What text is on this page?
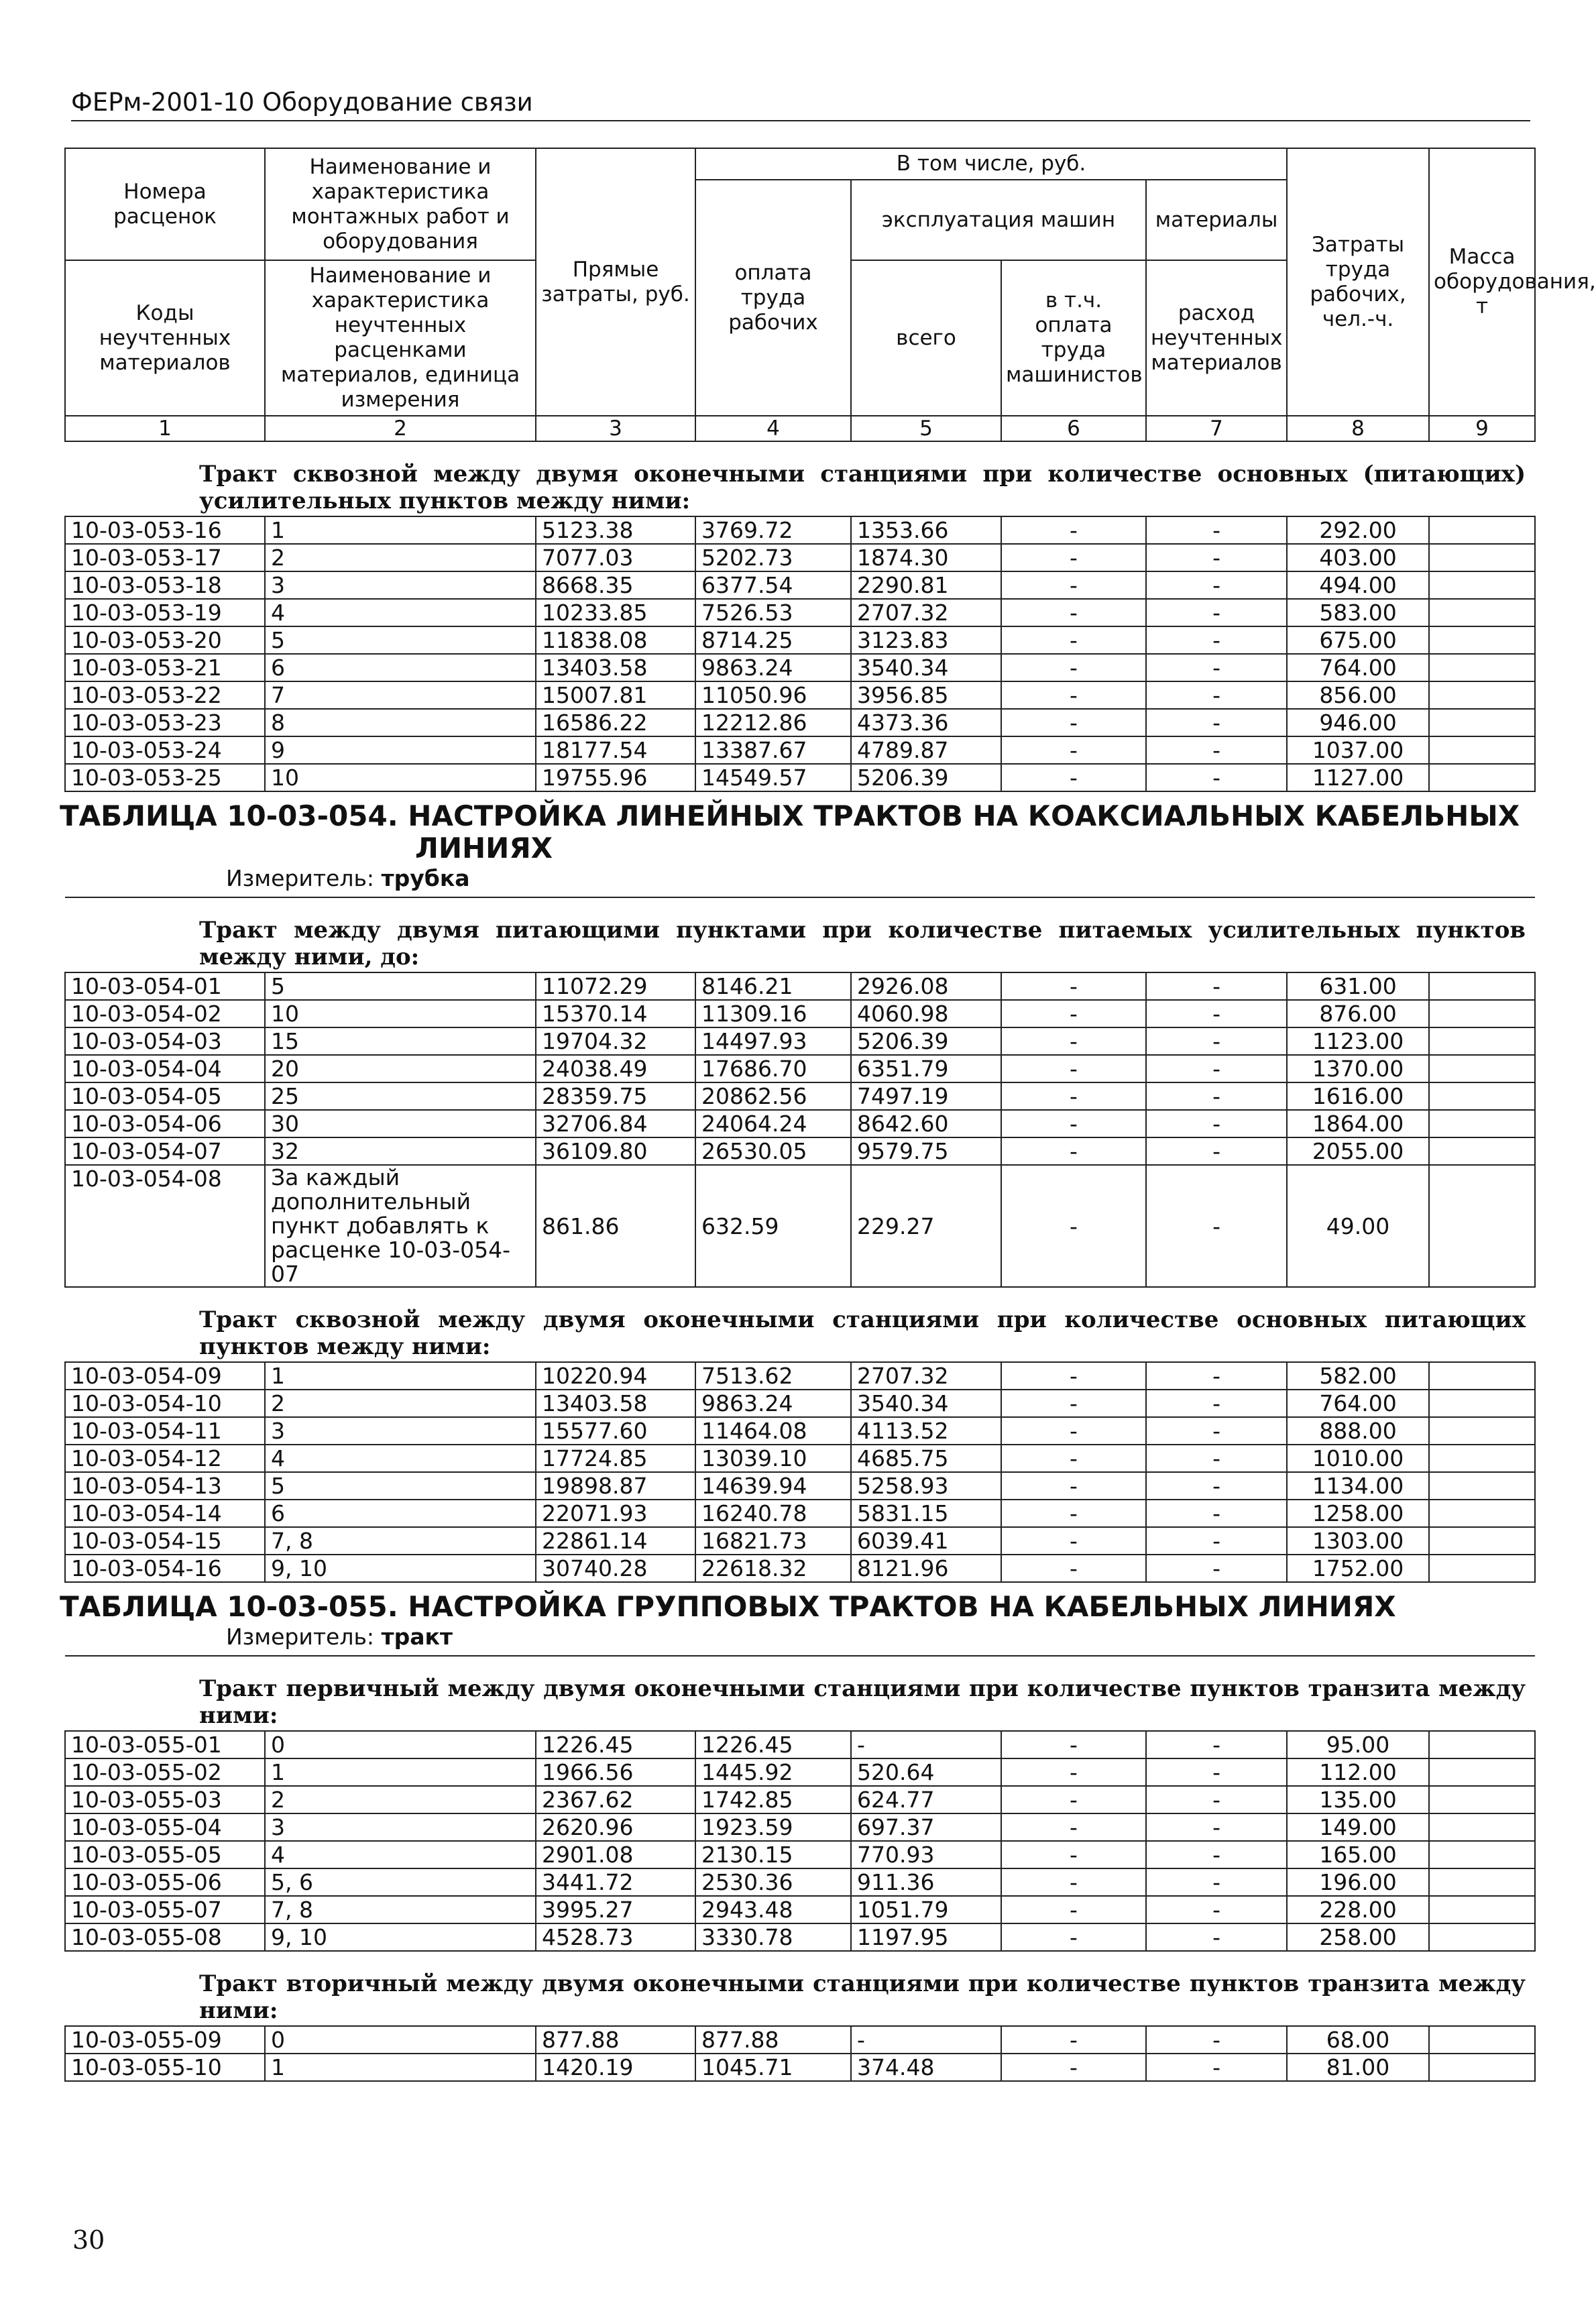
ФЕРм-2001-10 Оборудование связи
Номера расценок	Наименование и характеристика монтажных работ и оборудования	Прямые затраты, руб.	В том числе, руб.				Затраты труда рабочих, чел.-ч.	Масса оборудования, т
			оплата труда рабочих	эксплуатация машин		материалы		

Коды неучтенных материалов	Наименование и характеристика неучтенных расценками материалов, единица измерения			всего	в т.ч. оплата труда машинистов	расход неучтенных материалов		

1	2	3	4	5	6	7	8	9
Тракт сквозной между двумя оконечными станциями при количестве основных (питающих) усилительных пунктов между ними:								
10-03-053-16	1	5123.38	3769.72	1353.66	-	-	292.00	
10-03-053-17	2	7077.03	5202.73	1874.30	-	-	403.00	
10-03-053-18	3	8668.35	6377.54	2290.81	-	-	494.00	
10-03-053-19	4	10233.85	7526.53	2707.32	-	-	583.00	
10-03-053-20	5	11838.08	8714.25	3123.83	-	-	675.00	
10-03-053-21	6	13403.58	9863.24	3540.34	-	-	764.00	
10-03-053-22	7	15007.81	11050.96	3956.85	-	-	856.00	
10-03-053-23	8	16586.22	12212.86	4373.36	-	-	946.00	
10-03-053-24	9	18177.54	13387.67	4789.87	-	-	1037.00	
10-03-053-25	10	19755.96	14549.57	5206.39	-	-	1127.00	

ТАБЛИЦА 10-03-054. НАСТРОЙКА ЛИНЕЙНЫХ ТРАКТОВ НА КОАКСИАЛЬНЫХ КАБЕЛЬНЫХ
ЛИНИЯХ
Измеритель: трубка								

Тракт между двумя питающими пунктами при количестве питаемых усилительных пунктов между ними, до:								
10-03-054-01	5	11072.29	8146.21	2926.08	-	-	631.00	
10-03-054-02	10	15370.14	11309.16	4060.98	-	-	876.00	
10-03-054-03	15	19704.32	14497.93	5206.39	-	-	1123.00	
10-03-054-04	20	24038.49	17686.70	6351.79	-	-	1370.00	
10-03-054-05	25	28359.75	20862.56	7497.19	-	-	1616.00	
10-03-054-06	30	32706.84	24064.24	8642.60	-	-	1864.00	
10-03-054-07	32	36109.80	26530.05	9579.75	-	-	2055.00	
10-03-054-08	За каждый дополнительный пункт добавлять к расценке 10-03-054-07	861.86	632.59	229.27	-	-	49.00	
Тракт сквозной между двумя оконечными станциями при количестве основных питающих пунктов между ними:								
10-03-054-09	1	10220.94	7513.62	2707.32	-	-	582.00	
10-03-054-10	2	13403.58	9863.24	3540.34	-	-	764.00	
10-03-054-11	3	15577.60	11464.08	4113.52	-	-	888.00	
10-03-054-12	4	17724.85	13039.10	4685.75	-	-	1010.00	
10-03-054-13	5	19898.87	14639.94	5258.93	-	-	1134.00	
10-03-054-14	6	22071.93	16240.78	5831.15	-	-	1258.00	
10-03-054-15	7, 8	22861.14	16821.73	6039.41	-	-	1303.00	
10-03-054-16	9, 10	30740.28	22618.32	8121.96	-	-	1752.00	

ТАБЛИЦА 10-03-055. НАСТРОЙКА ГРУППОВЫХ ТРАКТОВ НА КАБЕЛЬНЫХ ЛИНИЯХ
Измеритель: тракт								

Тракт первичный между двумя оконечными станциями при количестве пунктов транзита между ними:								
10-03-055-01	0	1226.45	1226.45	-	-	-	95.00	
10-03-055-02	1	1966.56	1445.92	520.64	-	-	112.00	
10-03-055-03	2	2367.62	1742.85	624.77	-	-	135.00	
10-03-055-04	3	2620.96	1923.59	697.37	-	-	149.00	
10-03-055-05	4	2901.08	2130.15	770.93	-	-	165.00	
10-03-055-06	5, 6	3441.72	2530.36	911.36	-	-	196.00	
10-03-055-07	7, 8	3995.27	2943.48	1051.79	-	-	228.00	
10-03-055-08	9, 10	4528.73	3330.78	1197.95	-	-	258.00	
Тракт вторичный между двумя оконечными станциями при количестве пунктов транзита между ними:								
10-03-055-09	0	877.88	877.88	-	-	-	68.00	
10-03-055-10	1	1420.19	1045.71	374.48	-	-	81.00	
30
